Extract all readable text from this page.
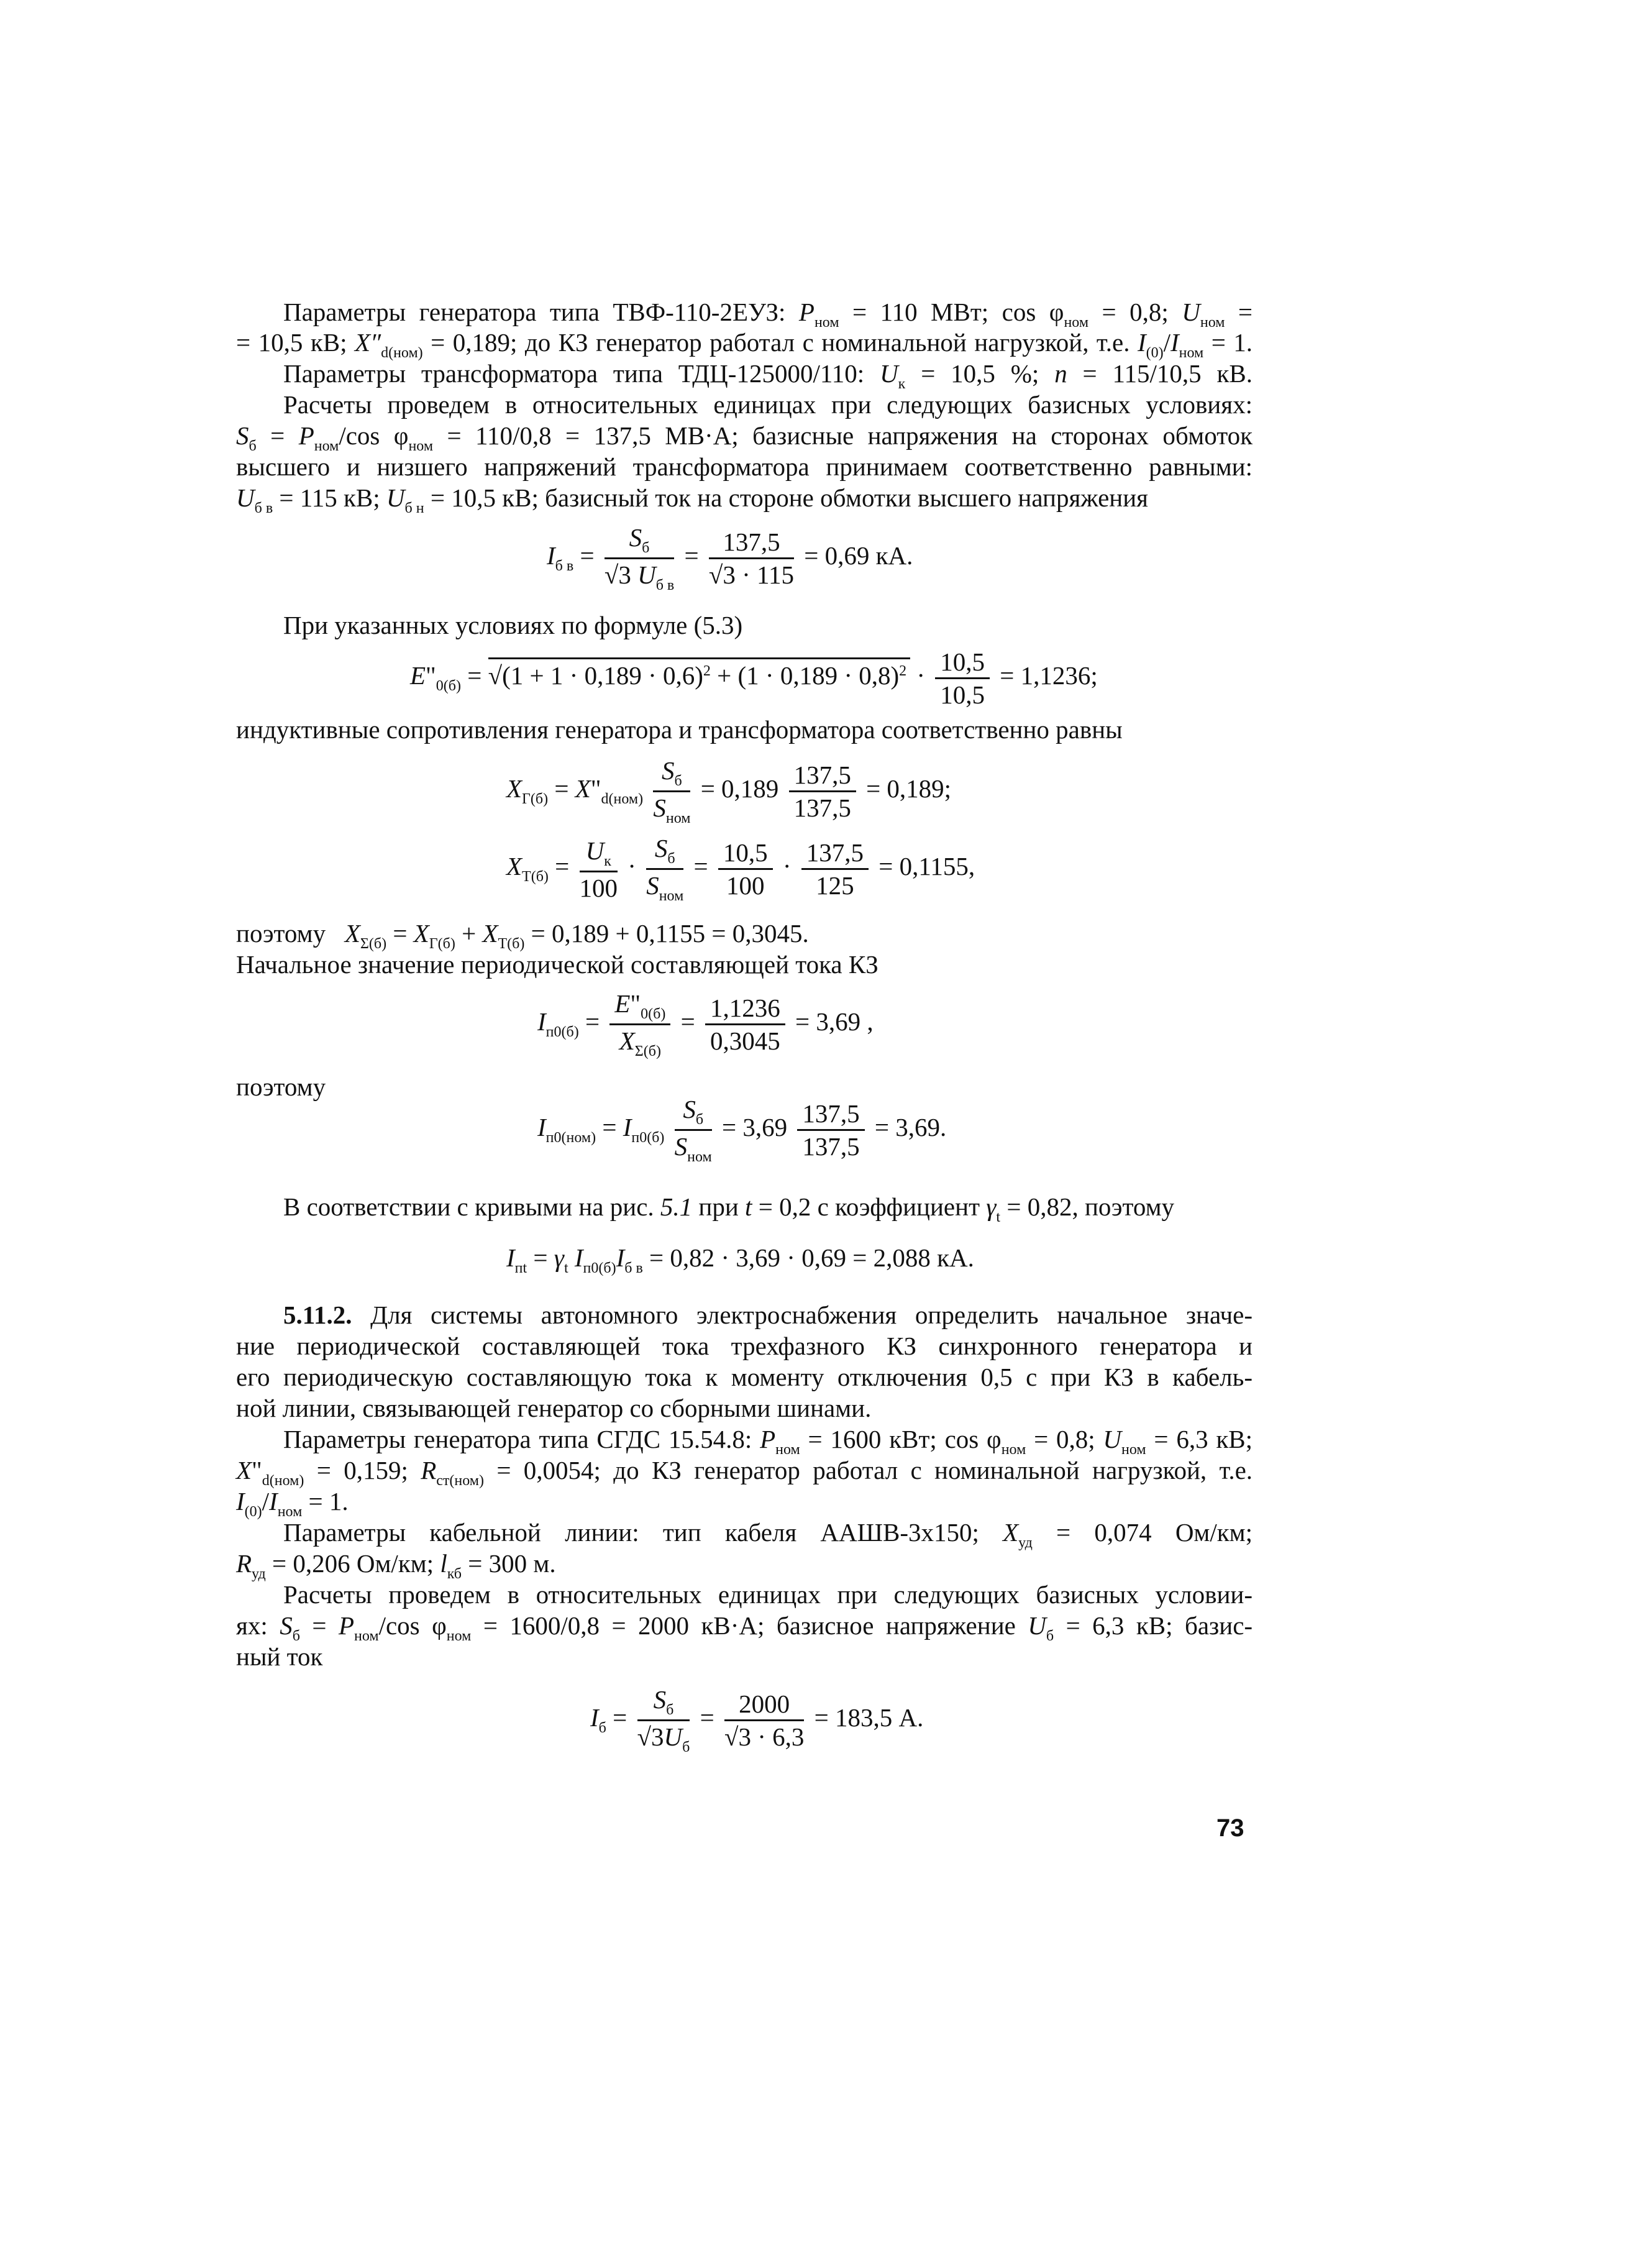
Параметры генератора типа ТВФ-110-2ЕУЗ: $P_{ном} = 110$ МВт; $\cos \varphi_{ном} = 0,8$; $U_{ном}$ =
= 10,5 кВ; $X''_{d(ном)} = 0,189$; до КЗ генератор работал с номинальной нагрузкой, т.е. $I_{(0)}/I_{ном} = 1$.
Параметры трансформатора типа ТДЦ-125000/110: $U_к = 10,5$ %; n = 115/10,5 кВ.
Расчеты проведем в относительных единицах при следующих базисных условиях:
$S_б = P_{ном}/\cos$ $\varphi_{ном} = 110/0,8 = 137,5$ МВ·А; базисные напряжения на сторонах обмоток
высшего и низшего напряжений трансформатора принимаем соответственно равными:
$U_{б в} = 115$ кВ; $U_{б н} = 10,5$ кВ; базисный ток на стороне обмотки высшего напряжения
$I_{б в} = \frac{S_б}{√3 U_{б в}} = \frac{137,5}{√3 \cdot 115} = 0,69$ кА.
При указанных условиях по формуле (5.3)
$E"_{0(б)} = √(1 + 1 \cdot 0,189 \cdot 0,6)^2 + (1 \cdot 0,189 \cdot 0,8)^2 \cdot \frac{10,5}{10,5} = 1,1236$;
индуктивные сопротивления генератора и трансформатора соответственно равны
$X_{Г(б)}$ = $X"_{d(ном)} \frac{S_б}{S_{ном}} = 0,189 \frac{137,5}{137,5} = 0,189$;
$X_{Т(б)} = \frac{U_к}{100} \cdot \frac{S_б}{S_{ном}} = \frac{10,5}{100} \cdot \frac{137,5}{125} = 0,1155$,
поэтому $X_{\Sigma(б)} = X_{Г(б)} + X_{Т(б)} = 0,189 + 0,1155 = 0,3045$.
Начальное значение периодической составляющей тока КЗ
$I_{п0(б)} = \frac{E"_{0(б)}}{X_{\Sigma(б)}} = \frac{1,1236}{0,3045} = 3,69$ ,
поэтому
$I_{п0(ном)} = I_{п0(б)} \frac{S_б}{S_{ном}} = 3,69 \frac{137,5}{137,5} = 3,69$.
В соответствии с кривыми на рис. 5.1 при t = 0,2 с коэффициент $\gamma_t = 0,82$, поэтому
$I_{пt} = \gamma_t$ $I_{п0(б)}I_{б в} = 0,82 \cdot 3,69 \cdot 0,69 = 2,088$ кА.
5.11.2. Для системы автономного электроснабжения определить начальное значе-
ние периодической составляющей тока трехфазного КЗ синхронного генератора и
его периодическую составляющую тока к моменту отключения 0,5 с при КЗ в кабель-
ной линии, связывающей генератор со сборными шинами.
Параметры генератора типа СГДС 15.54.8: $P_{ном} = 1600$ кВт; $\cos \varphi_{ном} = 0,8$; $U_{ном} = 6,3$ кВ;
$X"_{d(ном)} = 0,159$; $R_{ст(ном)} = 0,0054$; до КЗ генератор работал с номинальной нагрузкой, т.е.
$I_{(0)}/I_{ном} = 1$.
Параметры кабельной линии: тип кабеля ААШВ-3х150; $X_{уд} = 0,074$ Ом/км;
$R_{уд} = 0,206$ Ом/км; $l_{кб} = 300$ м.
Расчеты проведем в относительных единицах при следующих базисных условии-
ях: $S_б = P_{ном}/\cos$ $\varphi_{ном} = 1600/0,8 = 2000$ кВ·А; базисное напряжение $U_б = 6,3$ кВ; базис-
ный ток
$I_б = \frac{S_б}{√3U_б} = \frac{2000}{√3 \cdot 6,3} = 183,5$ А.
73
